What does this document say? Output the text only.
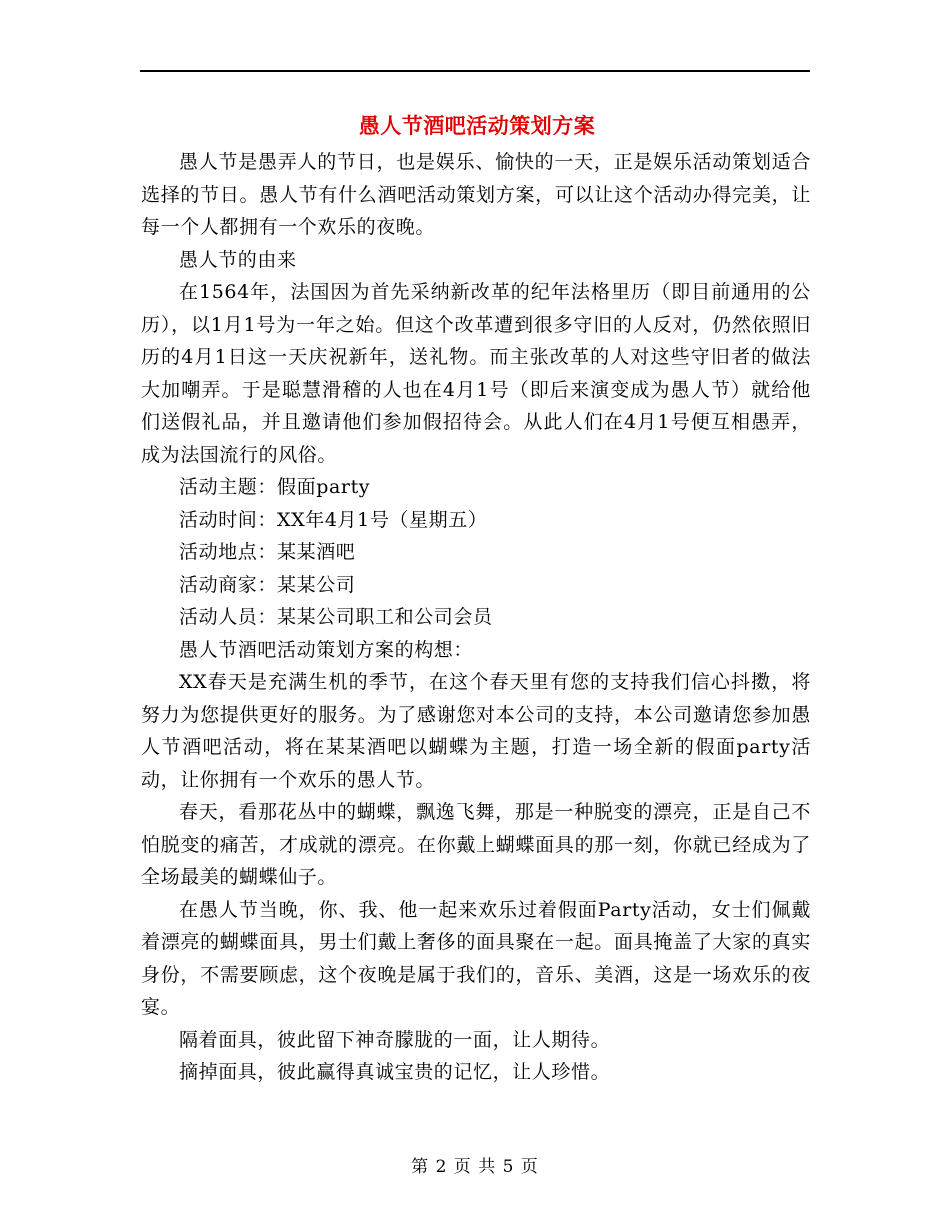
愚人节酒吧活动策划方案

愚人节是愚弄人的节日，也是娱乐、愉快的一天，正是娱乐活动策划适合选择的节日。愚人节有什么酒吧活动策划方案，可以让这个活动办得完美，让每一个人都拥有一个欢乐的夜晚。

愚人节的由来

在1564年，法国因为首先采纳新改革的纪年法格里历（即目前通用的公历），以1月1号为一年之始。但这个改革遭到很多守旧的人反对，仍然依照旧历的4月1日这一天庆祝新年，送礼物。而主张改革的人对这些守旧者的做法大加嘲弄。于是聪慧滑稽的人也在4月1号（即后来演变成为愚人节）就给他们送假礼品，并且邀请他们参加假招待会。从此人们在4月1号便互相愚弄，成为法国流行的风俗。

活动主题：假面party

活动时间：XX年4月1号（星期五）

活动地点：某某酒吧

活动商家：某某公司

活动人员：某某公司职工和公司会员

愚人节酒吧活动策划方案的构想：

XX春天是充满生机的季节，在这个春天里有您的支持我们信心抖擞，将努力为您提供更好的服务。为了感谢您对本公司的支持，本公司邀请您参加愚人节酒吧活动，将在某某酒吧以蝴蝶为主题，打造一场全新的假面party活动，让你拥有一个欢乐的愚人节。

春天，看那花丛中的蝴蝶，飘逸飞舞，那是一种脱变的漂亮，正是自己不怕脱变的痛苦，才成就的漂亮。在你戴上蝴蝶面具的那一刻，你就已经成为了全场最美的蝴蝶仙子。

在愚人节当晚，你、我、他一起来欢乐过着假面Party活动，女士们佩戴着漂亮的蝴蝶面具，男士们戴上奢侈的面具聚在一起。面具掩盖了大家的真实身份，不需要顾虑，这个夜晚是属于我们的，音乐、美酒，这是一场欢乐的夜宴。

隔着面具，彼此留下神奇朦胧的一面，让人期待。

摘掉面具，彼此赢得真诚宝贵的记忆，让人珍惜。

第 2 页 共 5 页
